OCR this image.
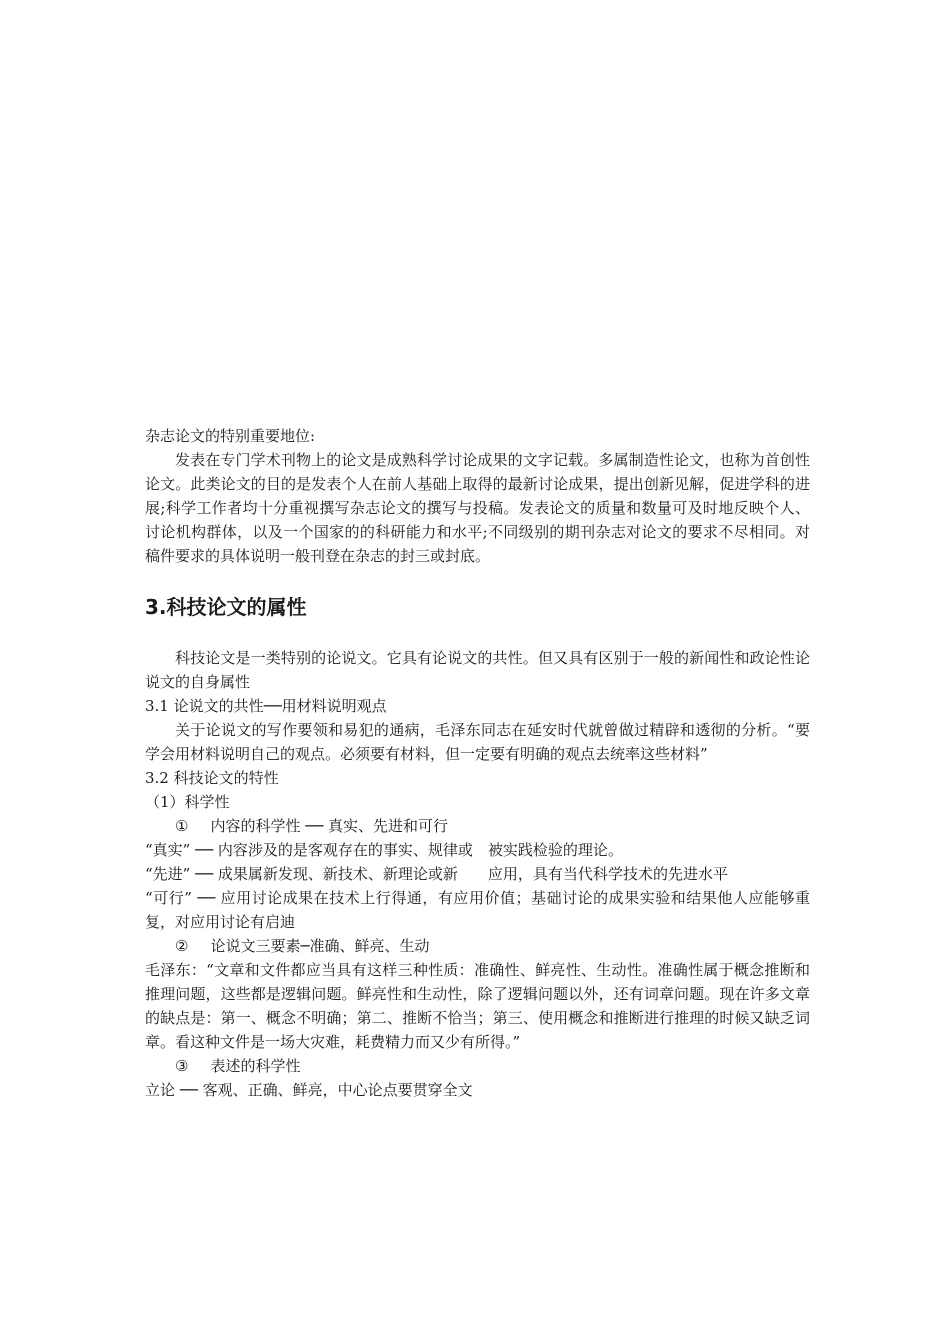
杂志论文的特别重要地位:

发表在专门学术刊物上的论文是成熟科学讨论成果的文字记载。多属制造性论文，也称为首创性论文。此类论文的目的是发表个人在前人基础上取得的最新讨论成果，提出创新见解，促进学科的进展;科学工作者均十分重视撰写杂志论文的撰写与投稿。发表论文的质量和数量可及时地反映个人、讨论机构群体，以及一个国家的的科研能力和水平;不同级别的期刊杂志对论文的要求不尽相同。对稿件要求的具体说明一般刊登在杂志的封三或封底。

3.科技论文的属性

科技论文是一类特别的论说文。它具有论说文的共性。但又具有区别于一般的新闻性和政论性论说文的自身属性

3.1 论说文的共性──用材料说明观点

关于论说文的写作要领和易犯的通病，毛泽东同志在延安时代就曾做过精辟和透彻的分析。“要学会用材料说明自己的观点。必须要有材料，但一定要有明确的观点去统率这些材料”

3.2 科技论文的特性

（1）科学性

① 内容的科学性 ── 真实、先进和可行

“真实” ── 内容涉及的是客观存在的事实、规律或　被实践检验的理论。

“先进” ── 成果属新发现、新技术、新理论或新　　应用，具有当代科学技术的先进水平

“可行” ── 应用讨论成果在技术上行得通，有应用价值；基础讨论的成果实验和结果他人应能够重复，对应用讨论有启迪

② 论说文三要素─准确、鲜亮、生动

毛泽东：“文章和文件都应当具有这样三种性质：准确性、鲜亮性、生动性。准确性属于概念推断和推理问题，这些都是逻辑问题。鲜亮性和生动性，除了逻辑问题以外，还有词章问题。现在许多文章的缺点是：第一、概念不明确；第二、推断不恰当；第三、使用概念和推断进行推理的时候又缺乏词章。看这种文件是一场大灾难，耗费精力而又少有所得。”

③ 表述的科学性

立论 ── 客观、正确、鲜亮，中心论点要贯穿全文
